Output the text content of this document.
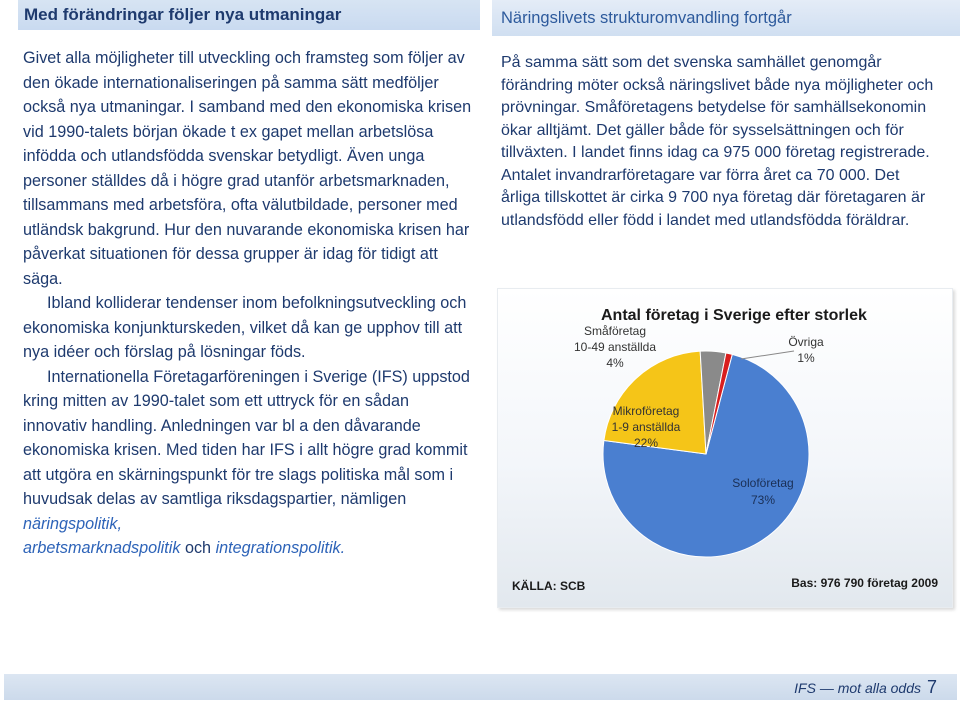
Med förändringar följer nya utmaningar

Givet alla möjligheter till utveckling och framsteg som följer av den ökade internationaliseringen på samma sätt medföljer också nya utmaningar. I samband med den ekonomiska krisen vid 1990-talets början ökade t ex gapet mellan arbetslösa infödda och utlandsfödda svenskar betydligt. Även unga personer ställdes då i högre grad utanför arbetsmarknaden, tillsammans med arbetsföra, ofta välutbildade, personer med utländsk bakgrund. Hur den nuvarande ekonomiska krisen har påverkat situationen för dessa grupper är idag för tidigt att säga.

Ibland kolliderar tendenser inom befolkningsutveckling och ekonomiska konjunkturskeden, vilket då kan ge upphov till att nya idéer och förslag på lösningar föds.

Internationella Företagarföreningen i Sverige (IFS) uppstod kring mitten av 1990-talet som ett uttryck för en sådan innovativ handling. Anledningen var bl a den dåvarande ekonomiska krisen. Med tiden har IFS i allt högre grad kommit att utgöra en skärningspunkt för tre slags politiska mål som i huvudsak delas av samtliga riksdagspartier, nämligen näringspolitik,
arbetsmarknadspolitik och integrationspolitik.

Näringslivets strukturomvandling fortgår

På samma sätt som det svenska samhället genomgår förändring möter också näringslivet både nya möjligheter och prövningar. Småföretagens betydelse för samhällsekonomin ökar alltjämt. Det gäller både för sysselsättningen och för tillväxten. I landet finns idag ca 975 000 företag registrerade. Antalet invandrarföretagare var förra året ca 70 000. Det årliga tillskottet är cirka 9 700 nya företag där företagaren är utlandsfödd eller född i landet med utlandsfödda föräldrar.

Antal företag i Sverige efter storlek
Soloföretag
73%
Mikroföretag
1-9 anställda
22%
Småföretag
10-49 anställda
4%
Övriga
1%
KÄLLA: SCB	Bas: 976 790 företag 2009
IFS — mot alla odds 7
